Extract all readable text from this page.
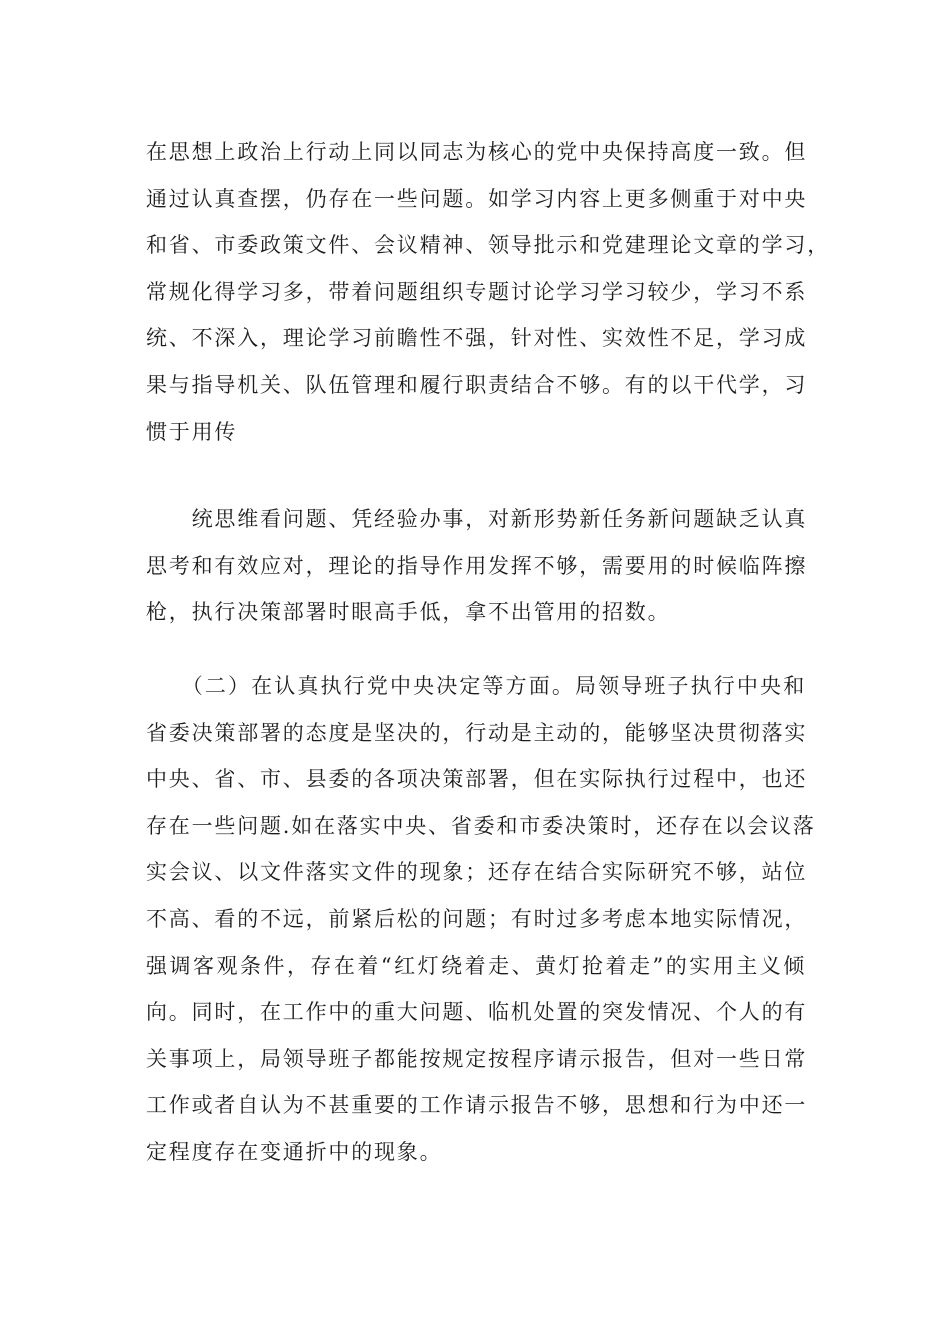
在思想上政治上行动上同以同志为核心的党中央保持高度一致。但
通过认真查摆，仍存在一些问题。如学习内容上更多侧重于对中央
和省、市委政策文件、会议精神、领导批示和党建理论文章的学习，
常规化得学习多，带着问题组织专题讨论学习学习较少，学习不系
统、不深入，理论学习前瞻性不强，针对性、实效性不足，学习成
果与指导机关、队伍管理和履行职责结合不够。有的以干代学，习
惯于用传
　　统思维看问题、凭经验办事，对新形势新任务新问题缺乏认真
思考和有效应对，理论的指导作用发挥不够，需要用的时候临阵擦
枪，执行决策部署时眼高手低，拿不出管用的招数。
　　（二）在认真执行党中央决定等方面。局领导班子执行中央和
省委决策部署的态度是坚决的，行动是主动的，能够坚决贯彻落实
中央、省、市、县委的各项决策部署，但在实际执行过程中，也还
存在一些问题.如在落实中央、省委和市委决策时，还存在以会议落
实会议、以文件落实文件的现象；还存在结合实际研究不够，站位
不高、看的不远，前紧后松的问题；有时过多考虑本地实际情况，
强调客观条件，存在着“红灯绕着走、黄灯抢着走”的实用主义倾
向。同时，在工作中的重大问题、临机处置的突发情况、个人的有
关事项上，局领导班子都能按规定按程序请示报告，但对一些日常
工作或者自认为不甚重要的工作请示报告不够，思想和行为中还一
定程度存在变通折中的现象。
